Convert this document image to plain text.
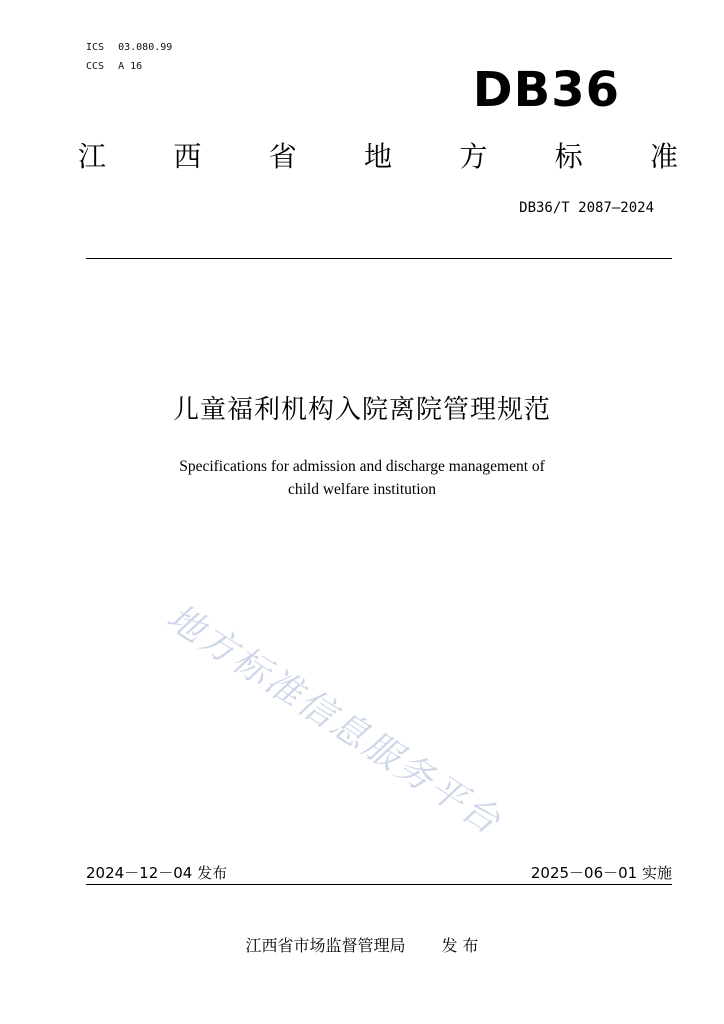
ICS 03.080.99
CCS A 16	DB36
江 西 省 地 方 标 准
DB36/T 2087—2024
儿童福利机构入院离院管理规范
Specifications for admission and discharge management of
child welfare institution
地方标准信息服务平台
2024－12－04 发布	2025－06－01 实施
江西省市场监督管理局 发 布
